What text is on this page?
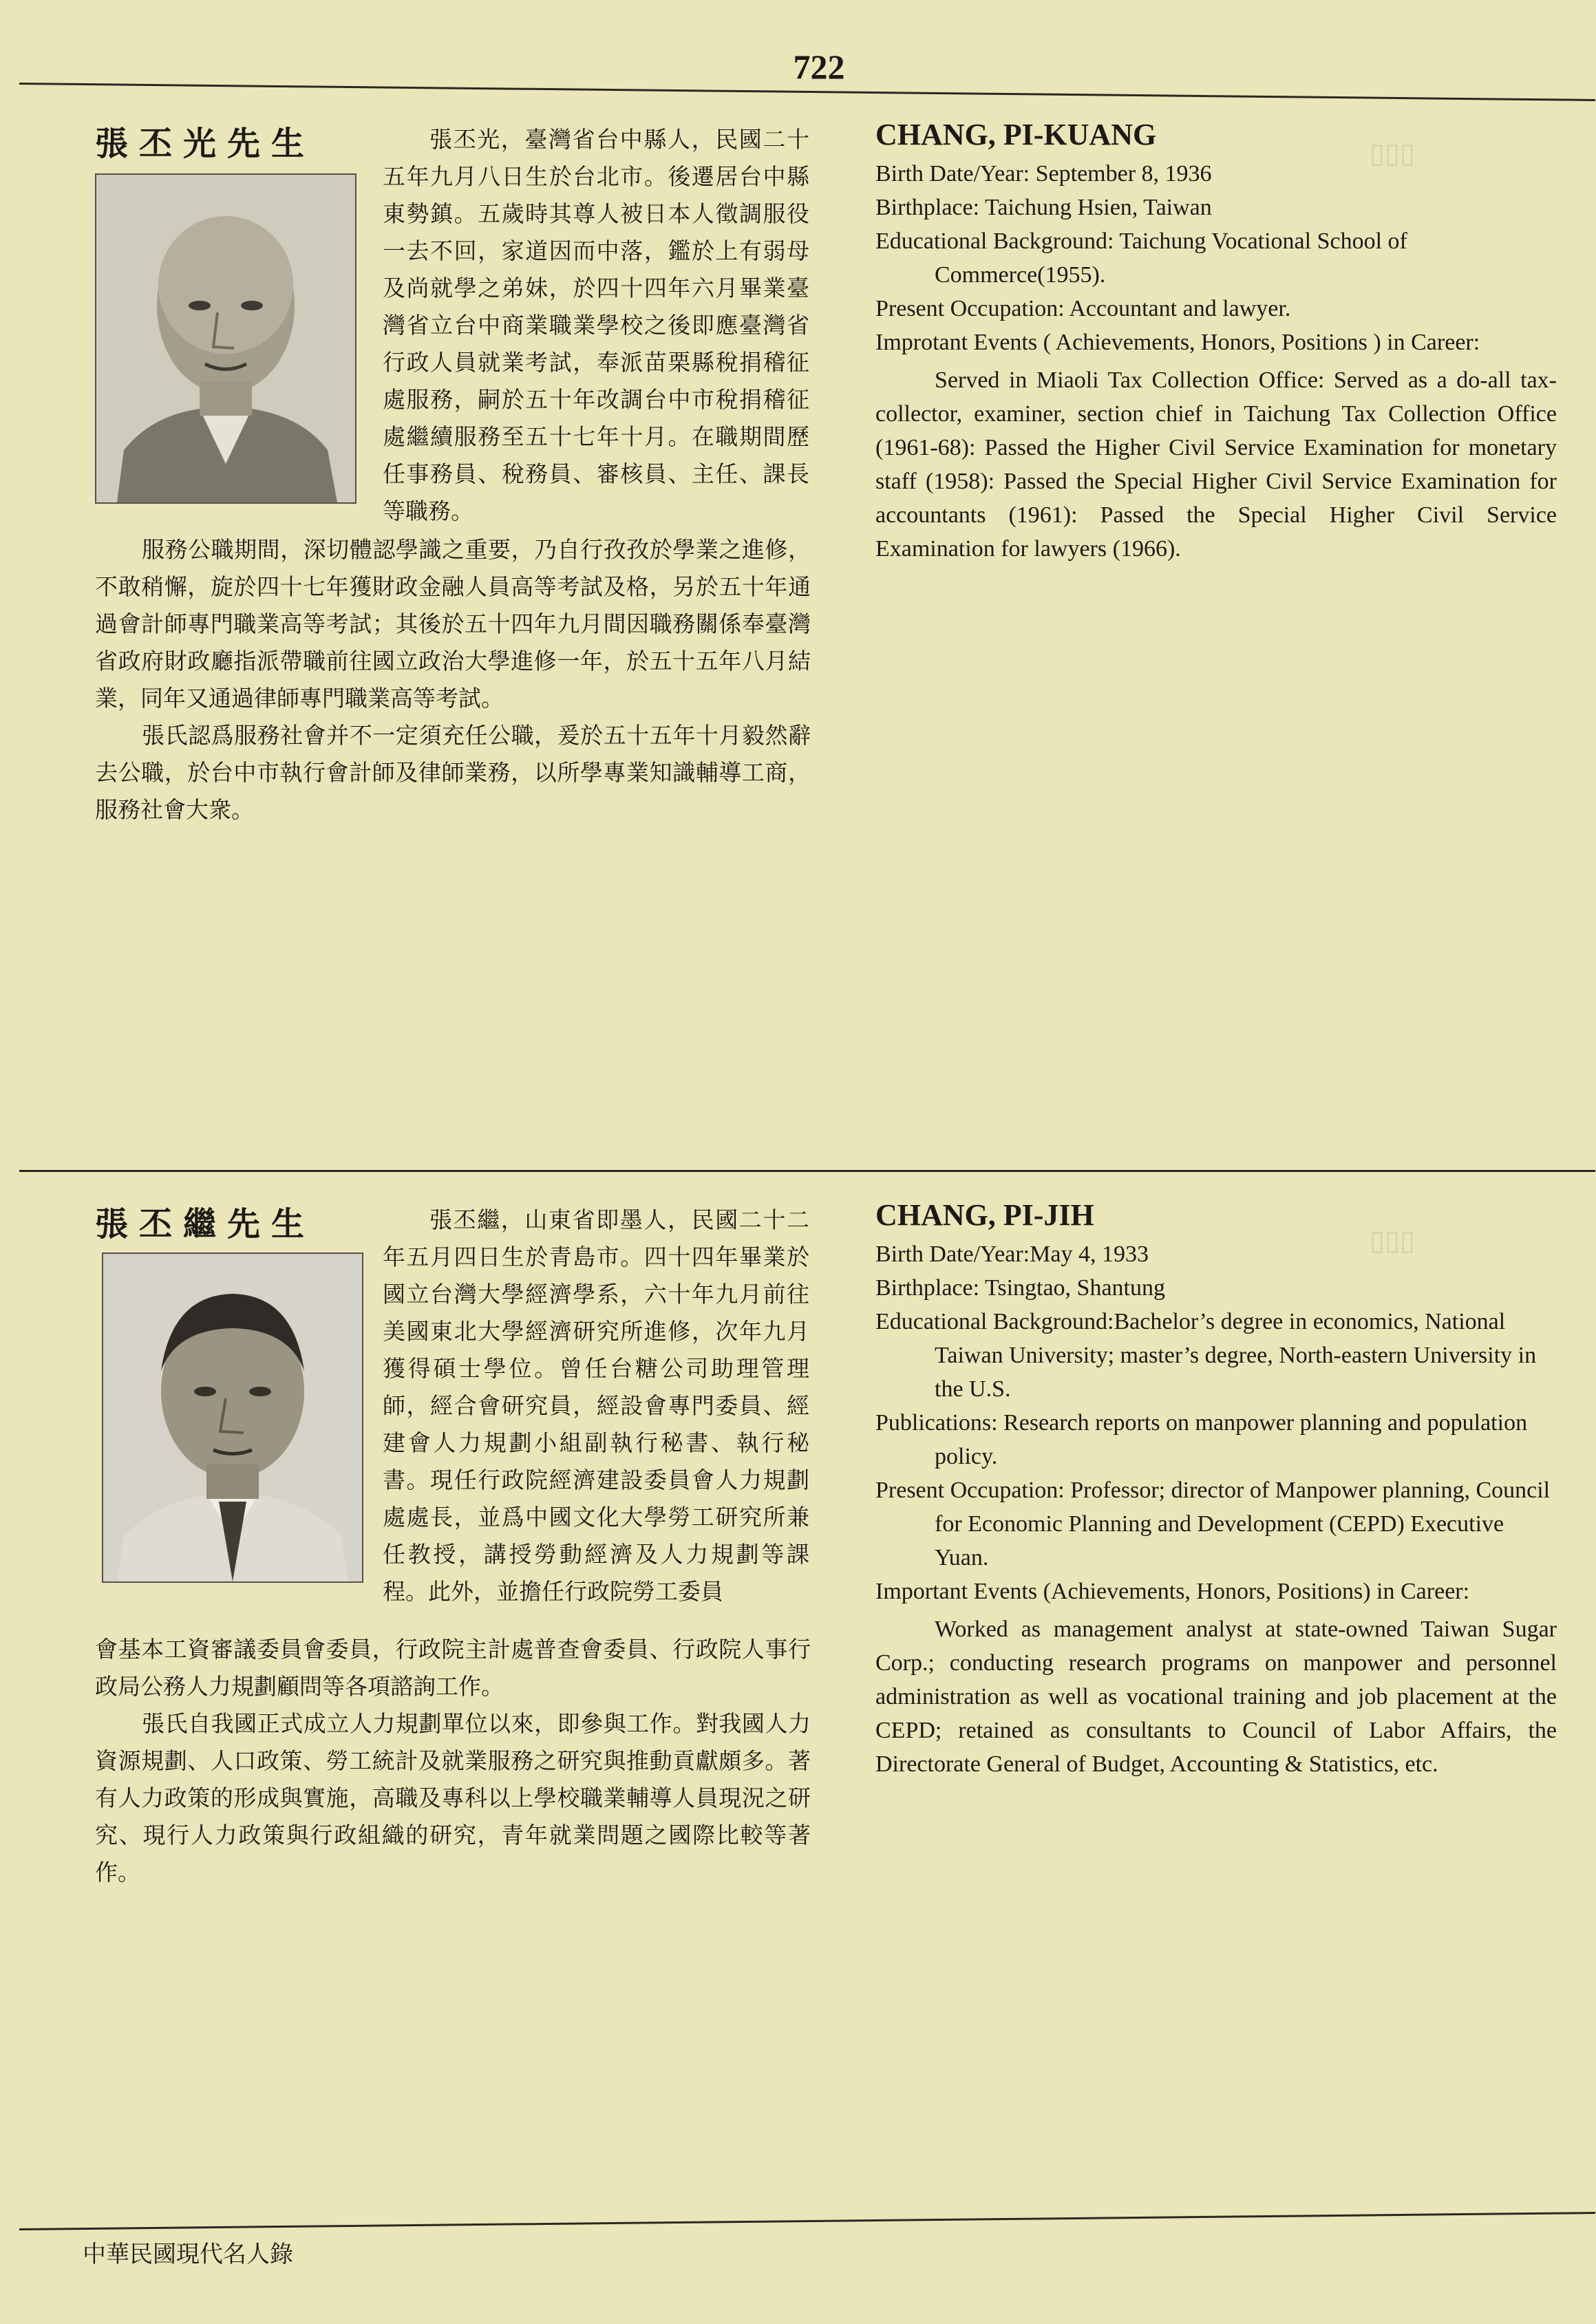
722
▯▯▯
▯▯▯
張丕光先生	張丕光，臺灣省台中縣人，民國二十五年九月八日生於台北市。後遷居台中縣東勢鎮。五歲時其尊人被日本人徵調服役一去不回，家道因而中落，鑑於上有弱母及尚就學之弟妹，於四十四年六月畢業臺灣省立台中商業職業學校之後即應臺灣省行政人員就業考試，奉派苗栗縣稅捐稽征處服務，嗣於五十年改調台中市稅捐稽征處繼續服務至五十七年十月。在職期間歷任事務員、稅務員、審核員、主任、課長等職務。

服務公職期間，深切體認學識之重要，乃自行孜孜於學業之進修，不敢稍懈，旋於四十七年獲財政金融人員高等考試及格，另於五十年通過會計師專門職業高等考試；其後於五十四年九月間因職務關係奉臺灣省政府財政廳指派帶職前往國立政治大學進修一年，於五十五年八月結業，同年又通過律師專門職業高等考試。

張氏認爲服務社會并不一定須充任公職，爰於五十五年十月毅然辭去公職，於台中市執行會計師及律師業務，以所學專業知識輔導工商，服務社會大衆。

CHANG, PI-KUANG

Birth Date/Year: September 8, 1936

Birthplace: Taichung Hsien, Taiwan

Educational Background: Taichung Vocational School of Commerce(1955).

Present Occupation: Accountant and lawyer.

Improtant Events ( Achievements, Honors, Positions ) in Career:

Served in Miaoli Tax Collection Office: Served as a do-all tax-collector, examiner, section chief in Taichung Tax Collection Office (1961-68): Passed the Higher Civil Service Examination for monetary staff (1958): Passed the Special Higher Civil Service Examination for accountants (1961): Passed the Special Higher Civil Service Examination for lawyers (1966).

張丕繼先生	張丕繼，山東省即墨人，民國二十二年五月四日生於青島市。四十四年畢業於國立台灣大學經濟學系，六十年九月前往美國東北大學經濟研究所進修，次年九月獲得碩士學位。曾任台糖公司助理管理師，經合會研究員，經設會專門委員、經建會人力規劃小組副執行秘書、執行秘書。現任行政院經濟建設委員會人力規劃處處長，並爲中國文化大學勞工研究所兼任教授，講授勞動經濟及人力規劃等課程。此外，並擔任行政院勞工委員

會基本工資審議委員會委員，行政院主計處普查會委員、行政院人事行政局公務人力規劃顧問等各項諮詢工作。

張氏自我國正式成立人力規劃單位以來，即參與工作。對我國人力資源規劃、人口政策、勞工統計及就業服務之研究與推動貢獻頗多。著有人力政策的形成與實施，高職及專科以上學校職業輔導人員現況之研究、現行人力政策與行政組織的研究，青年就業問題之國際比較等著作。

CHANG, PI-JIH

Birth Date/Year:May 4, 1933

Birthplace: Tsingtao, Shantung

Educational Background:Bachelor’s degree in economics, National Taiwan University; master’s degree, North-eastern University in the U.S.

Publications: Research reports on manpower planning and population policy.

Present Occupation: Professor; director of Manpower planning, Council for Economic Planning and Development (CEPD) Executive Yuan.

Important Events (Achievements, Honors, Positions) in Career:

Worked as management analyst at state-owned Taiwan Sugar Corp.; conducting research programs on manpower and personnel administration as well as vocational training and job placement at the CEPD; retained as consultants to Council of Labor Affairs, the Directorate General of Budget, Accounting & Statistics, etc.

中華民國現代名人錄
